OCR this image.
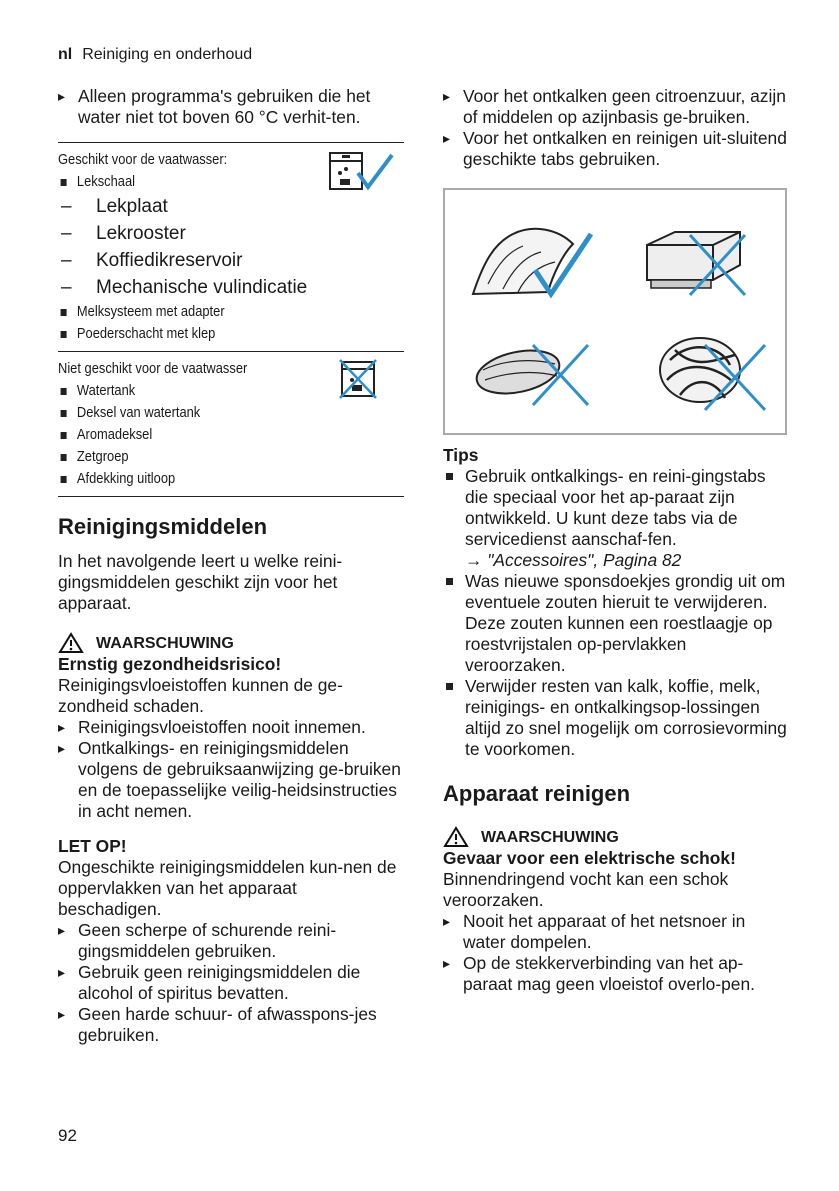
nl Reiniging en onderhoud
▸ Alleen programma's gebruiken die het water niet tot boven 60 °C verhit-ten.
Geschikt voor de vaatwasser:
Lekschaal
– Lekplaat
– Lekrooster
– Koffiedikreservoir
– Mechanische vulindicatie
Melksysteem met adapter
Poederschacht met klep
Niet geschikt voor de vaatwasser
Watertank
Deksel van watertank
Aromadeksel
Zetgroep
Afdekking uitloop
Reinigingsmiddelen
In het navolgende leert u welke reini-gingsmiddelen geschikt zijn voor het apparaat.
WAARSCHUWING
Ernstig gezondheidsrisico!
Reinigingsvloeistoffen kunnen de ge-zondheid schaden.
▸ Reinigingsvloeistoffen nooit innemen.
▸ Ontkalkings- en reinigingsmiddelen volgens de gebruiksaanwijzing ge-bruiken en de toepasselijke veilig-heidsinstructies in acht nemen.
LET OP!
Ongeschikte reinigingsmiddelen kun-nen de oppervlakken van het apparaat beschadigen.
▸ Geen scherpe of schurende reini-gingsmiddelen gebruiken.
▸ Gebruik geen reinigingsmiddelen die alcohol of spiritus bevatten.
▸ Geen harde schuur- of afwasspons-jes gebruiken.
▸ Voor het ontkalken geen citroenzuur, azijn of middelen op azijnbasis ge-bruiken.
▸ Voor het ontkalken en reinigen uit-sluitend geschikte tabs gebruiken.
Tips
Gebruik ontkalkings- en reini-gingstabs die speciaal voor het ap-paraat zijn ontwikkeld. U kunt deze tabs via de servicedienst aanschaf-fen.
→ "Accessoires", Pagina 82
Was nieuwe sponsdoekjes grondig uit om eventuele zouten hieruit te verwijderen. Deze zouten kunnen een roestlaagje op roestvrijstalen op-pervlakken veroorzaken.
Verwijder resten van kalk, koffie, melk, reinigings- en ontkalkingsop-lossingen altijd zo snel mogelijk om corrosievorming te voorkomen.
Apparaat reinigen
WAARSCHUWING
Gevaar voor een elektrische schok!
Binnendringend vocht kan een schok veroorzaken.
▸ Nooit het apparaat of het netsnoer in water dompelen.
▸ Op de stekkerverbinding van het ap-paraat mag geen vloeistof overlo-pen.
92
